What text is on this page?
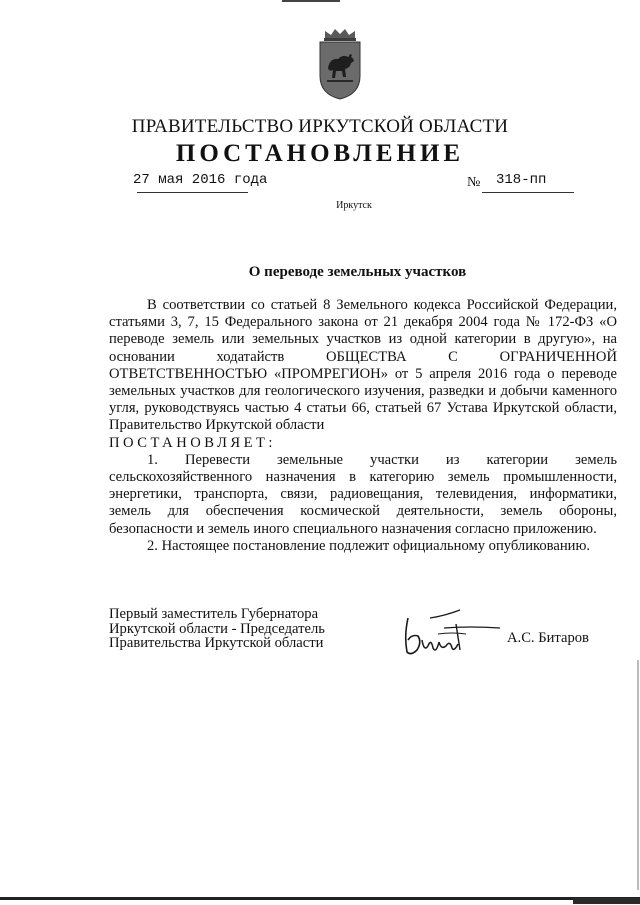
ПРАВИТЕЛЬСТВО ИРКУТСКОЙ ОБЛАСТИ
ПОСТАНОВЛЕНИЕ
27 мая 2016 года	№ 318-пп
Иркутск
О переводе земельных участков

В соответствии со статьей 8 Земельного кодекса Российской Федерации, статьями 3, 7, 15 Федерального закона от 21 декабря 2004 года № 172-ФЗ «О переводе земель или земельных участков из одной категории в другую», на основании ходатайств ОБЩЕСТВА С ОГРАНИЧЕННОЙ ОТВЕТСТВЕННОСТЬЮ «ПРОМРЕГИОН» от 5 апреля 2016 года о переводе земельных участков для геологического изучения, разведки и добычи каменного угля, руководствуясь частью 4 статьи 66, статьей 67 Устава Иркутской области, Правительство Иркутской области

ПОСТАНОВЛЯЕТ:

1. Перевести земельные участки из категории земель сельскохозяйственного назначения в категорию земель промышленности, энергетики, транспорта, связи, радиовещания, телевидения, информатики, земель для обеспечения космической деятельности, земель обороны, безопасности и земель иного специального назначения согласно приложению.

2. Настоящее постановление подлежит официальному опубликованию.

Первый заместитель Губернатора
Иркутской области - Председатель
Правительства Иркутской области	А.С. Битаров
